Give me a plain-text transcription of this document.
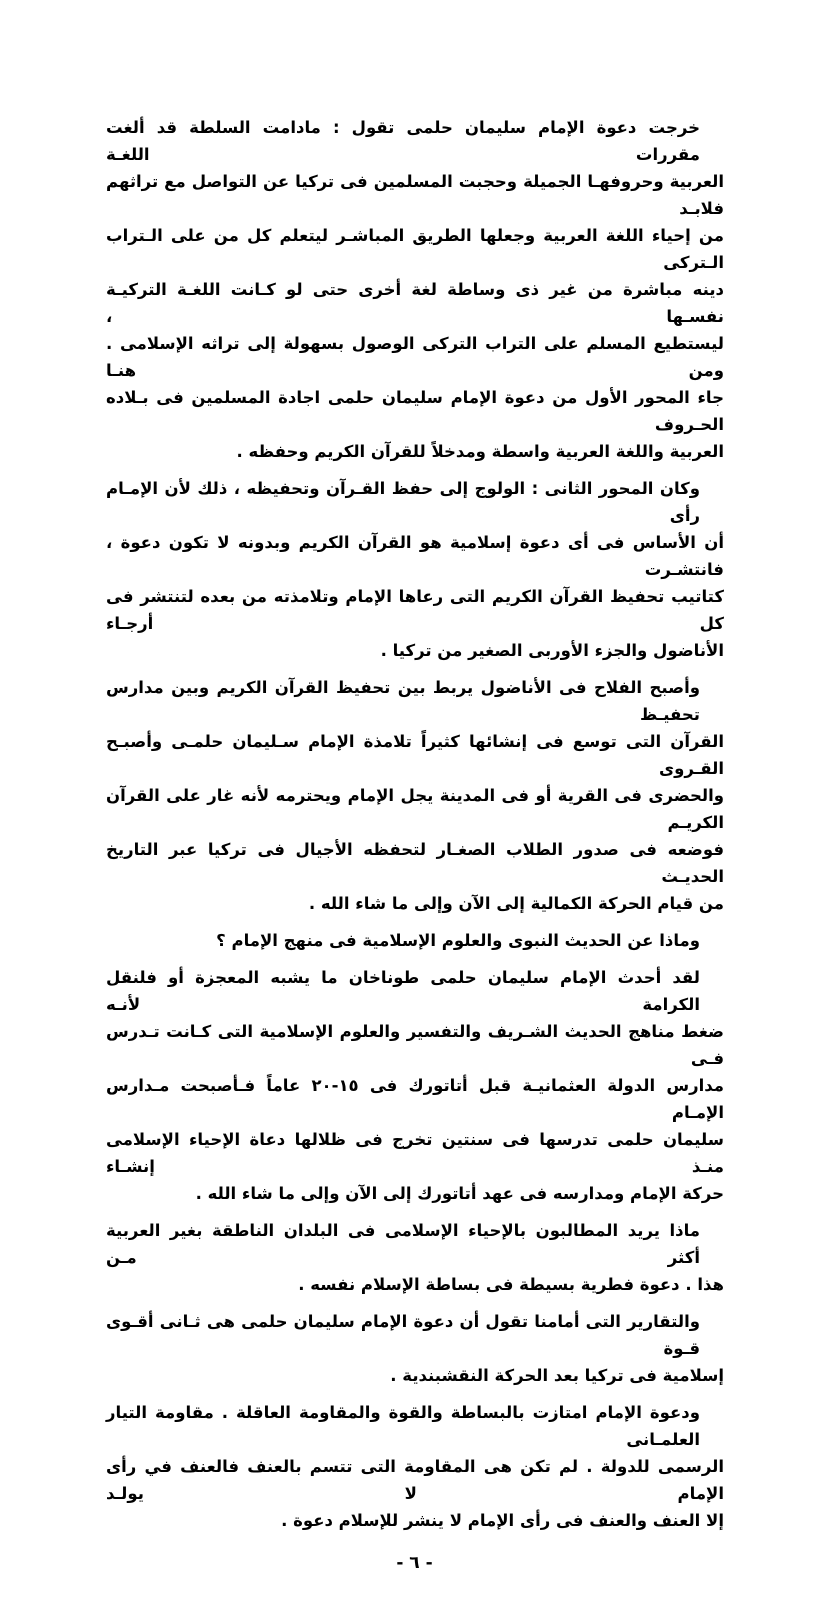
خرجت دعوة الإمام سليمان حلمى تقول : مادامت السلطة قد ألغت مقررات اللغـة
العربية وحروفهـا الجميلة وحجبت المسلمين فى تركيا عن التواصل مع تراثهم فلابـد
من إحياء اللغة العربية وجعلها الطريق المباشـر ليتعلم كل من على الـتراب الـتركى
دينه مباشرة من غير ذى وساطة لغة أخرى حتى لو كـانت اللغـة التركيـة نفسـها ،
ليستطيع المسلم على التراب التركى الوصول بسهولة إلى تراثه الإسلامى . ومن هنـا
جاء المحور الأول من دعوة الإمام سليمان حلمى اجادة المسلمين فى بـلاده الحـروف
العربية واللغة العربية واسطة ومدخلاً للقرآن الكريم وحفظه .
وكان المحور الثانى : الولوج إلى حفظ القـرآن وتحفيظه ، ذلك لأن الإمـام رأى
أن الأساس فى أى دعوة إسلامية هو القرآن الكريم وبدونه لا تكون دعوة ، فانتشـرت
كتاتيب تحفيظ القرآن الكريم التى رعاها الإمام وتلامذته من بعده لتنتشر فى كل أرجـاء
الأناضول والجزء الأوربى الصغير من تركيا .
وأصبح الفلاح فى الأناضول يربط بين تحفيظ القرآن الكريم وبين مدارس تحفيـظ
القرآن التى توسع فى إنشائها كثيراً تلامذة الإمام سـليمان حلمـى وأصبـح القـروى
والحضرى فى القرية أو فى المدينة يجل الإمام ويحترمه لأنه غار على القرآن الكريـم
فوضعه فى صدور الطلاب الصغـار لتحفظه الأجيال فى تركيا عبر التاريخ الحديـث
من قيام الحركة الكمالية إلى الآن وإلى ما شاء الله .
وماذا عن الحديث النبوى والعلوم الإسلامية فى منهج الإمام ؟
لقد أحدث الإمام سليمان حلمى طوناخان ما يشبه المعجزة أو فلنقل الكرامة لأنـه
ضغط مناهج الحديث الشـريف والتفسير والعلوم الإسلامية التى كـانت تـدرس فـى
مدارس الدولة العثمانيـة قبل أتاتورك فى ١٥-٢٠ عاماً فـأصبحت مـدارس الإمـام
سليمان حلمى تدرسها فى سنتين تخرج فى ظلالها دعاة الإحياء الإسلامى منـذ إنشـاء
حركة الإمام ومدارسه فى عهد أتاتورك إلى الآن وإلى ما شاء الله .
ماذا يريد المطالبون بالإحياء الإسلامى فى البلدان الناطقة بغير العربية أكثر مـن
هذا . دعوة فطرية بسيطة فى بساطة الإسلام نفسه .
والتقارير التى أمامنا تقول أن دعوة الإمام سليمان حلمى هى ثـانى أقـوى قـوة
إسلامية فى تركيا بعد الحركة النقشبندية .
ودعوة الإمام امتازت بالبساطة والقوة والمقاومة العاقلة . مقاومة التيار العلمـانى
الرسمى للدولة . لم تكن هى المقاومة التى تتسم بالعنف فالعنف في رأى الإمام لا يولـد
إلا العنف والعنف فى رأى الإمام لا ينشر للإسلام دعوة .
- ٦ -
